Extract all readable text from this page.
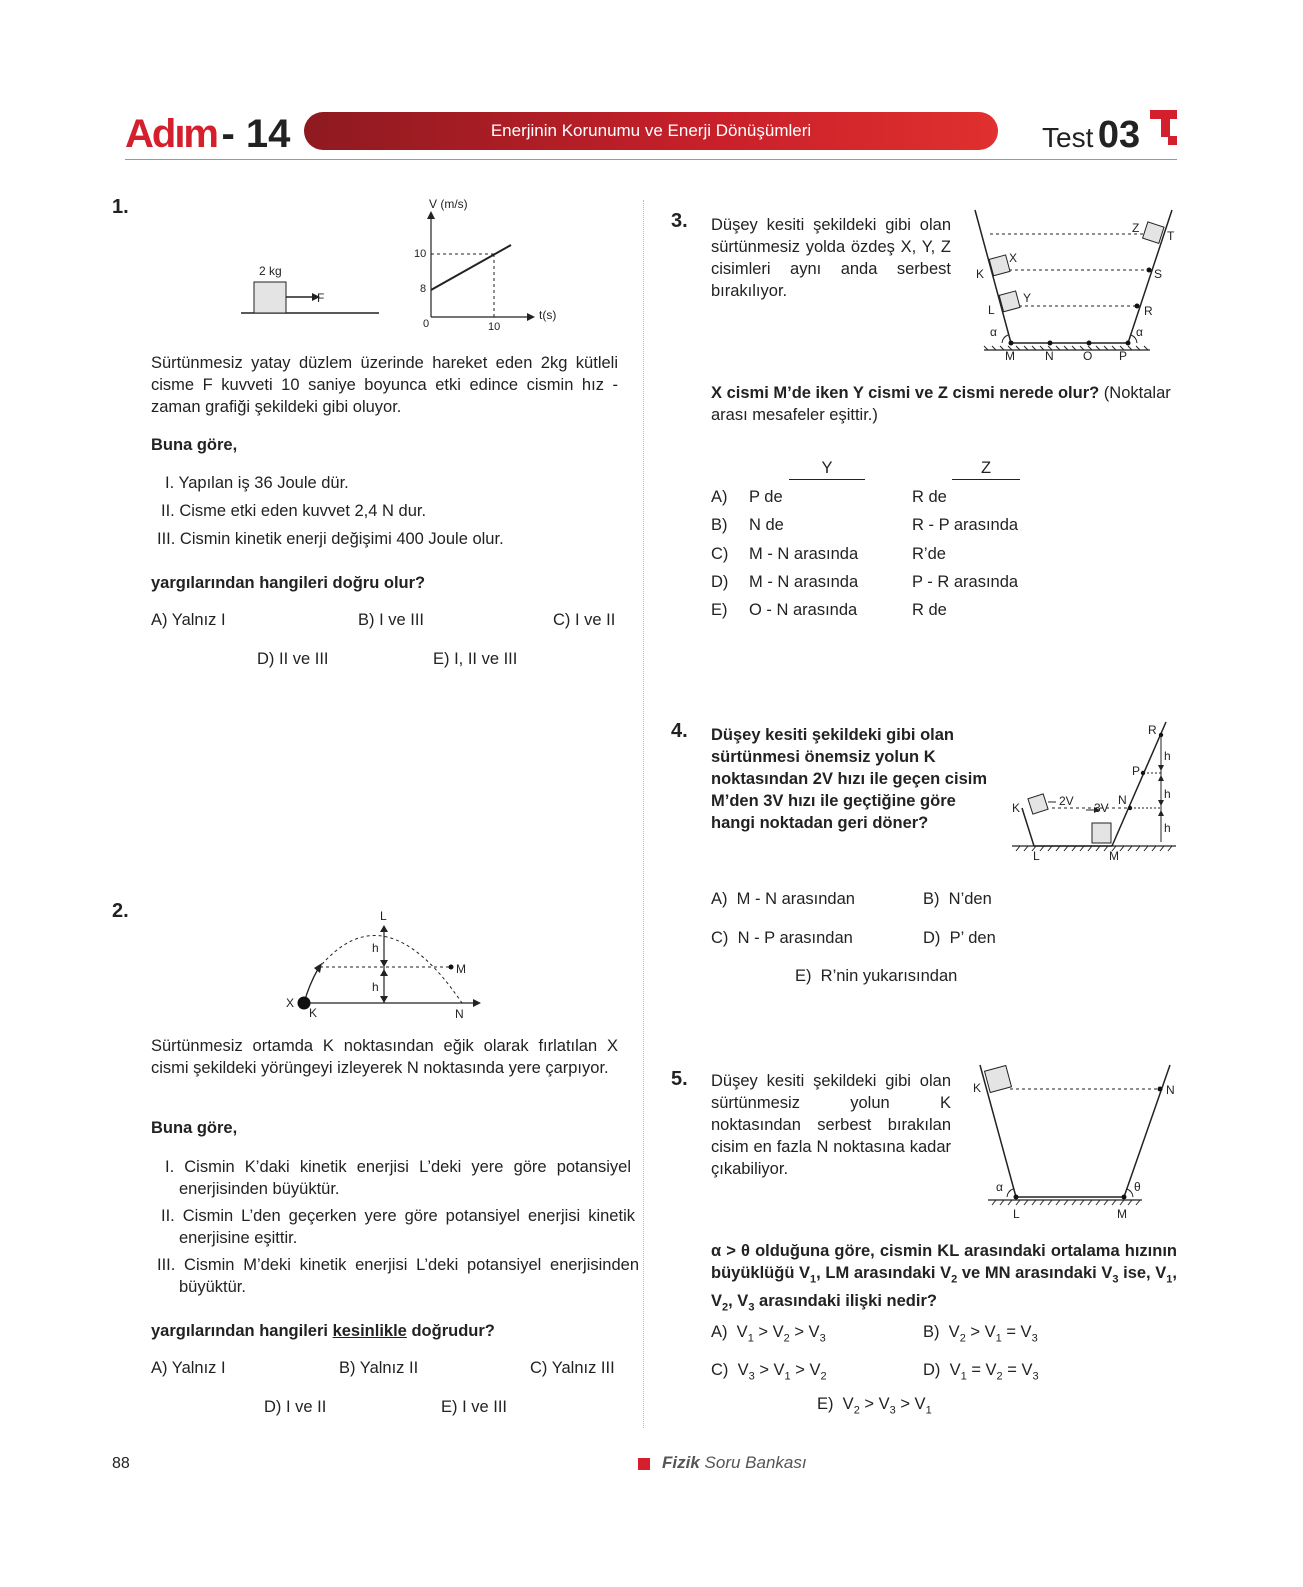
Adım - 14	Enerjinin Korunumu ve Enerji Dönüşümleri	Test 03
1.
2 kg
F
V (m/s)
t(s)
10
8
0	10
Sürtünmesiz yatay düzlem üzerinde hareket eden 2kg kütleli cisme F kuvveti 10 saniye boyunca etki edince cismin hız - zaman grafiği şekildeki gibi oluyor.
Buna göre,
I. Yapılan iş 36 Joule dür.
II. Cisme etki eden kuvvet 2,4 N dur.
III. Cismin kinetik enerji değişimi 400 Joule olur.
yargılarından hangileri doğru olur?
A) Yalnız I	B) I ve III	C) I ve II
D) II ve III	E) I, II ve III
2.	L
M
N
K
X
h
h
Sürtünmesiz ortamda K noktasından eğik olarak fırlatılan X cismi şekildeki yörüngeyi izleyerek N noktasında yere çarpıyor.
Buna göre,
I. Cismin K’daki kinetik enerjisi L’deki yere göre potansiyel enerjisinden büyüktür.
II. Cismin L’den geçerken yere göre potansiyel enerjisi kinetik enerjisine eşittir.
III. Cismin M’deki kinetik enerjisi L’deki potansiyel enerjisinden büyüktür.
yargılarından hangileri kesinlikle doğrudur?
A) Yalnız I	B) Yalnız II	C) Yalnız III
D) I ve II	E) I ve III
3. Düşey kesiti şekildeki gibi olan sürtünmesiz yolda özdeş X, Y, Z cisimleri aynı anda serbest bırakılıyor.
Z
T
X
K	S
Y
L	R
α	α
M	N O P
X cismi M’de iken Y cismi ve Z cismi nerede olur? (Noktalar arası mesafeler eşittir.)
Y	Z
A) P de	R de
B) N de	R - P arasında
C) M - N arasında	R’de
D) M - N arasında	P - R arasında
E) O - N arasında	R de
4. Düşey kesiti şekildeki gibi olan sürtünmesi önemsiz yolun K noktasından 2V hızı ile geçen cisim M’den 3V hızı ile geçtiğine göre hangi noktadan geri döner?
R
h
P
h
N
2V 3V
K
h
L	M
A)  M - N arasından	B)  N’den
C)  N - P arasından	D)  P’ den
E)  R’nin yukarısından
5. Düşey kesiti şekildeki gibi olan sürtünmesiz yolun K noktasından serbest bırakılan cisim en fazla N noktasına kadar çıkabiliyor.
K	N
α	θ
L	M
α > θ olduğuna göre, cismin KL arasındaki ortalama hızının büyüklüğü $V_1$, LM arasındaki $V_2$ ve MN arasındaki $V_3$ ise, $V_1$, $V_2$, $V_3$ arasındaki ilişki nedir?
A) $V_1 > V_2 > V_3$	B) $V_2 > V_1 = V_3$
C) $V_3 > V_1 > V_2$	D) $V_1 = V_2 = V_3$
E) $V_2 > V_3 > V_1$
88	Fizik Soru Bankası
